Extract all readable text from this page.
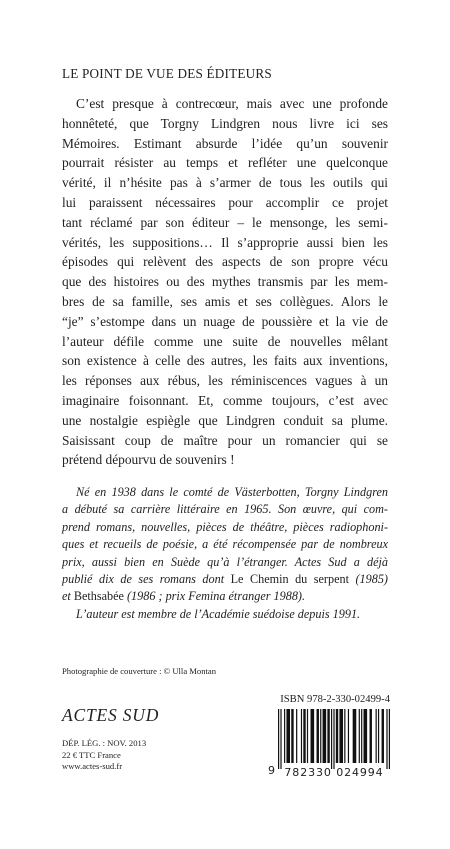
LE POINT DE VUE DES ÉDITEURS
C’est presque à contrecœur, mais avec une profonde
honnêteté, que Torgny Lindgren nous livre ici ses
Mémoires. Estimant absurde l’idée qu’un souvenir
pourrait résister au temps et refléter une quelconque
vérité, il n’hésite pas à s’armer de tous les outils qui
lui paraissent nécessaires pour accomplir ce projet
tant réclamé par son éditeur – le mensonge, les semi-
vérités, les suppositions… Il s’approprie aussi bien les
épisodes qui relèvent des aspects de son propre vécu
que des histoires ou des mythes transmis par les mem-
bres de sa famille, ses amis et ses collègues. Alors le
“je” s’estompe dans un nuage de poussière et la vie de
l’auteur défile comme une suite de nouvelles mêlant
son existence à celle des autres, les faits aux inventions,
les réponses aux rébus, les réminiscences vagues à un
imaginaire foisonnant. Et, comme toujours, c’est avec
une nostalgie espiègle que Lindgren conduit sa plume.
Saisissant coup de maître pour un romancier qui se
prétend dépourvu de souvenirs !
Né en 1938 dans le comté de Västerbotten, Torgny Lindgren
a débuté sa carrière littéraire en 1965. Son œuvre, qui com-
prend romans, nouvelles, pièces de théâtre, pièces radiophoni-
ques et recueils de poésie, a été récompensée par de nombreux
prix, aussi bien en Suède qu’à l’étranger. Actes Sud a déjà
publié dix de ses romans dont Le Chemin du serpent (1985)
et Bethsabée (1986 ; prix Femina étranger 1988).
L’auteur est membre de l’Académie suédoise depuis 1991.
Photographie de couverture : © Ulla Montan
ACTES SUD
DÉP. LÉG. : NOV. 2013
22 € TTC France
www.actes-sud.fr
ISBN 978-2-330-02499-4
9 782330 024994
